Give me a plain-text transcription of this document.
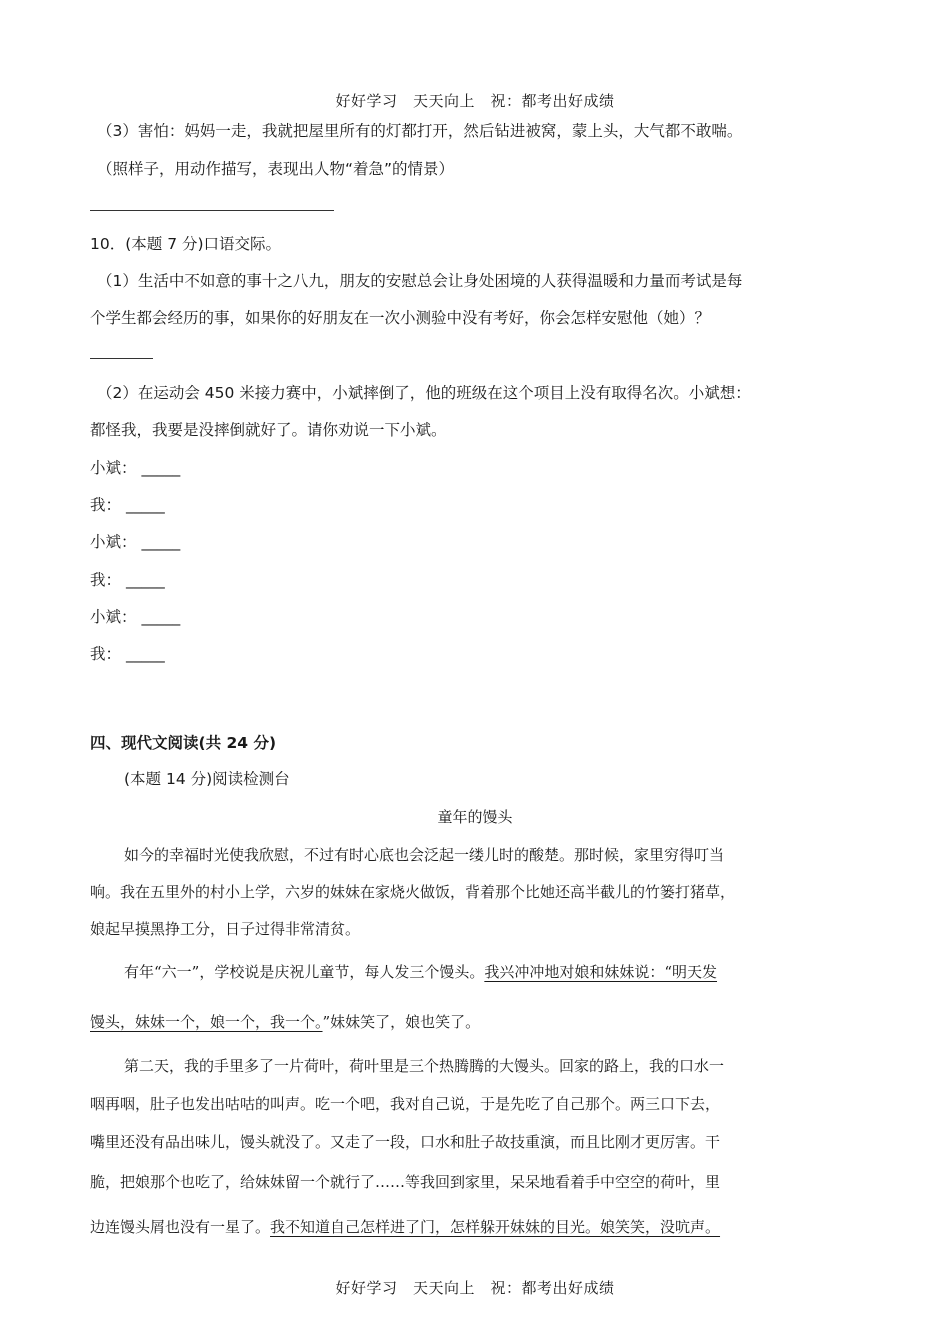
好好学习　天天向上　祝：都考出好成绩
（3）害怕：妈妈一走，我就把屋里所有的灯都打开，然后钻进被窝，蒙上头，大气都不敢喘。
（照样子，用动作描写，表现出人物“着急”的情景）
10．(本题 7 分)口语交际。
（1）生活中不如意的事十之八九，朋友的安慰总会让身处困境的人获得温暖和力量而考试是每
个学生都会经历的事，如果你的好朋友在一次小测验中没有考好，你会怎样安慰他（她）？
（2）在运动会 450 米接力赛中，小斌摔倒了，他的班级在这个项目上没有取得名次。小斌想：
都怪我，我要是没摔倒就好了。请你劝说一下小斌。
小斌： _____
我： _____
小斌： _____
我： _____
小斌： _____
我： _____
四、现代文阅读(共 24 分)
(本题 14 分)阅读检测台
童年的馒头
如今的幸福时光使我欣慰，不过有时心底也会泛起一缕儿时的酸楚。那时候，家里穷得叮当
响。我在五里外的村小上学，六岁的妹妹在家烧火做饭，背着那个比她还高半截儿的竹篓打猪草，
娘起早摸黑挣工分，日子过得非常清贫。
有年“六一”，学校说是庆祝儿童节，每人发三个馒头。我兴冲冲地对娘和妹妹说：“明天发
馒头，妹妹一个，娘一个，我一个。”妹妹笑了，娘也笑了。
第二天，我的手里多了一片荷叶，荷叶里是三个热腾腾的大馒头。回家的路上，我的口水一
咽再咽，肚子也发出咕咕的叫声。吃一个吧，我对自己说，于是先吃了自己那个。两三口下去，
嘴里还没有品出味儿，馒头就没了。又走了一段，口水和肚子故技重演，而且比刚才更厉害。干
脆，把娘那个也吃了，给妹妹留一个就行了……等我回到家里，呆呆地看着手中空空的荷叶，里
边连馒头屑也没有一星了。我不知道自己怎样进了门，怎样躲开妹妹的目光。娘笑笑，没吭声。
好好学习　天天向上　祝：都考出好成绩
